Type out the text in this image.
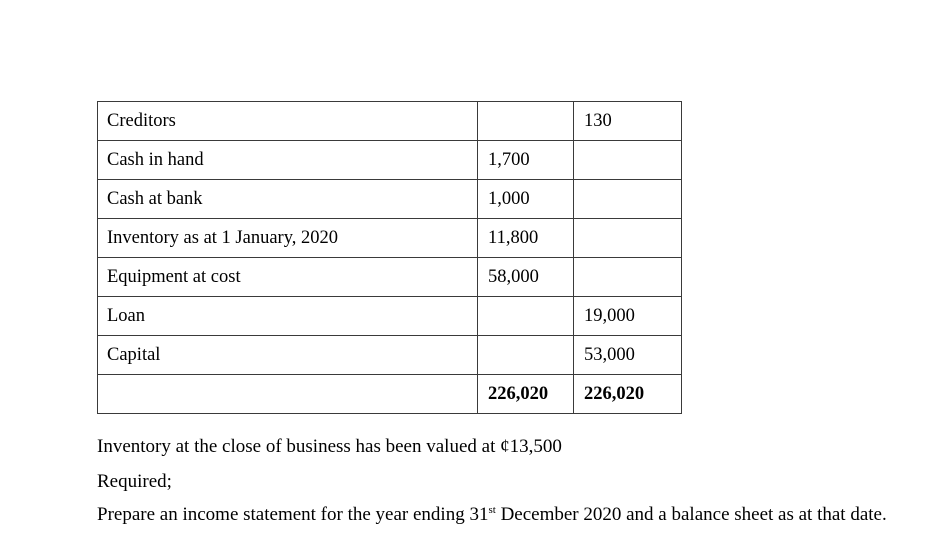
Creditors		130
Cash in hand	1,700	
Cash at bank	1,000	
Inventory as at 1 January, 2020	11,800	
Equipment at cost	58,000	
Loan		19,000
Capital		53,000
	226,020	226,020

Inventory at the close of business has been valued at ¢13,500

Required;

Prepare an income statement for the year ending 31st December 2020 and a balance sheet as at that date.
